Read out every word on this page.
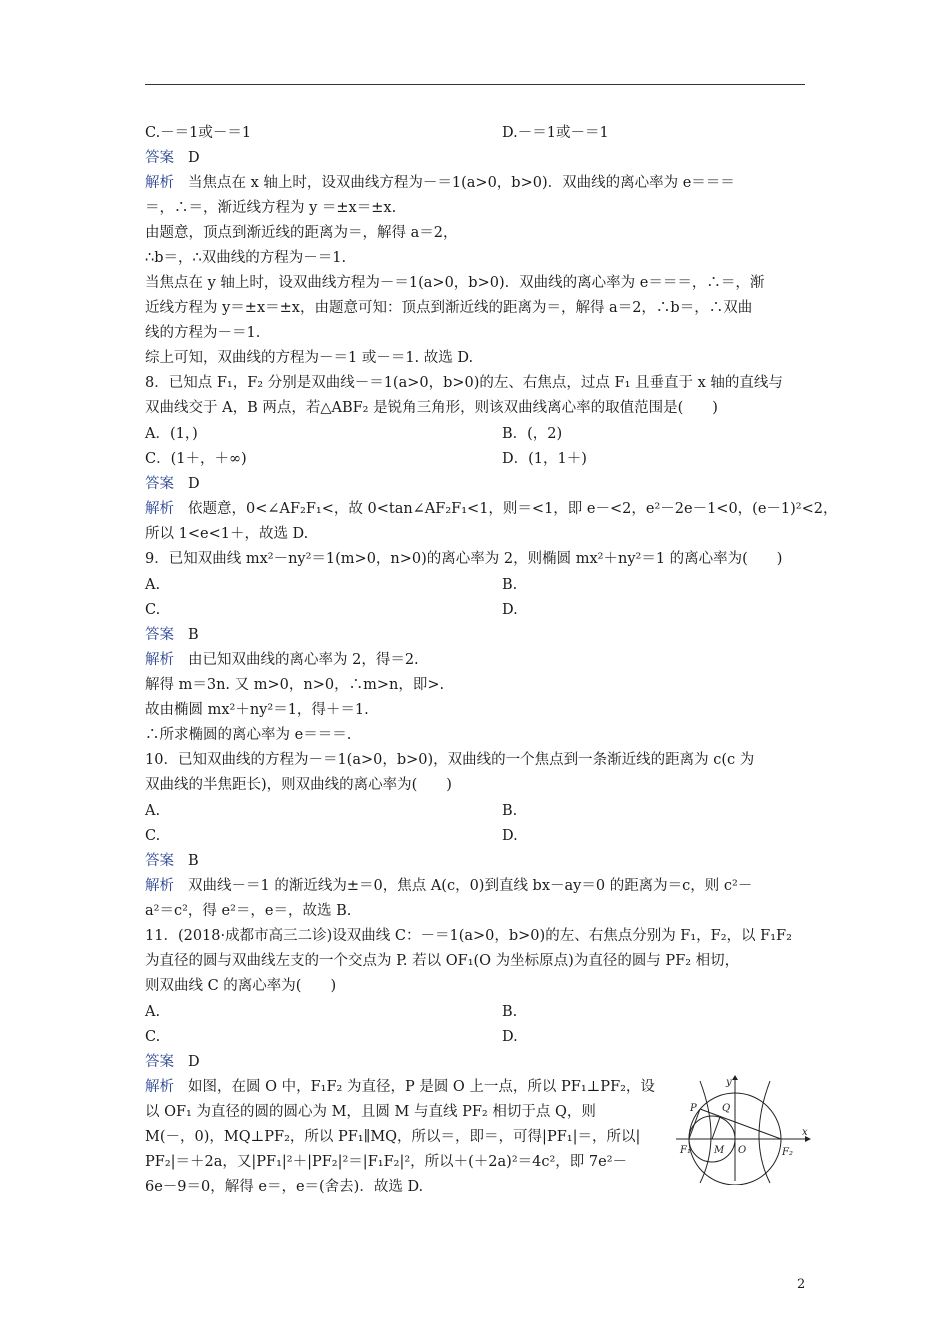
C.－＝1或－＝1	D.－＝1或－＝1
答案 D
解析 当焦点在 x 轴上时，设双曲线方程为－＝1(a>0，b>0)．双曲线的离心率为 e＝＝＝
＝，∴＝，渐近线方程为 y ＝±x＝±x.
由题意，顶点到渐近线的距离为＝，解得 a＝2，
∴b＝，∴双曲线的方程为－＝1.
当焦点在 y 轴上时，设双曲线方程为－＝1(a>0，b>0)．双曲线的离心率为 e＝＝＝，∴＝，渐
近线方程为 y＝±x＝±x，由题意可知：顶点到渐近线的距离为＝，解得 a＝2，∴b＝，∴双曲
线的方程为－＝1.
综上可知，双曲线的方程为－＝1 或－＝1. 故选 D.
8．已知点 F₁，F₂ 分别是双曲线－＝1(a>0，b>0)的左、右焦点，过点 F₁ 且垂直于 x 轴的直线与
双曲线交于 A，B 两点，若△ABF₂ 是锐角三角形，则该双曲线离心率的取值范围是(　　)
A．(1，)	B．(，2)
C．(1＋，＋∞)	D．(1，1＋)
答案 D
解析 依题意，0<∠AF₂F₁<，故 0<tan∠AF₂F₁<1，则＝<1，即 e－<2，e²－2e－1<0，(e－1)²<2，
所以 1<e<1＋，故选 D.
9．已知双曲线 mx²－ny²＝1(m>0，n>0)的离心率为 2，则椭圆 mx²＋ny²＝1 的离心率为(　　)
A.	B.
C.	D.
答案 B
解析 由已知双曲线的离心率为 2，得＝2.
解得 m＝3n. 又 m>0，n>0，∴m>n，即>.
故由椭圆 mx²＋ny²＝1，得＋＝1.
∴所求椭圆的离心率为 e＝＝＝.
10．已知双曲线的方程为－＝1(a>0，b>0)，双曲线的一个焦点到一条渐近线的距离为 c(c 为
双曲线的半焦距长)，则双曲线的离心率为(　　)
A.	B.
C.	D.
答案 B
解析 双曲线－＝1 的渐近线为±＝0，焦点 A(c，0)到直线 bx－ay＝0 的距离为＝c，则 c²－
a²＝c²，得 e²＝，e＝，故选 B.
11．(2018·成都市高三二诊)设双曲线 C：－＝1(a>0，b>0)的左、右焦点分别为 F₁，F₂，以 F₁F₂
为直径的圆与双曲线左支的一个交点为 P. 若以 OF₁(O 为坐标原点)为直径的圆与 PF₂ 相切，
则双曲线 C 的离心率为(　　)
A.	B.
C.	D.
答案 D
解析 如图，在圆 O 中，F₁F₂ 为直径，P 是圆 O 上一点，所以 PF₁⊥PF₂，设
以 OF₁ 为直径的圆的圆心为 M，且圆 M 与直线 PF₂ 相切于点 Q，则
M(－，0)，MQ⊥PF₂，所以 PF₁∥MQ，所以＝，即＝，可得|PF₁|＝，所以|
PF₂|＝＋2a，又|PF₁|²＋|PF₂|²＝|F₁F₂|²，所以＋(＋2a)²＝4c²，即 7e²－
6e－9＝0，解得 e＝，e＝(舍去)．故选 D.
y
x
P	Q
F₁ M O	F₂
2
